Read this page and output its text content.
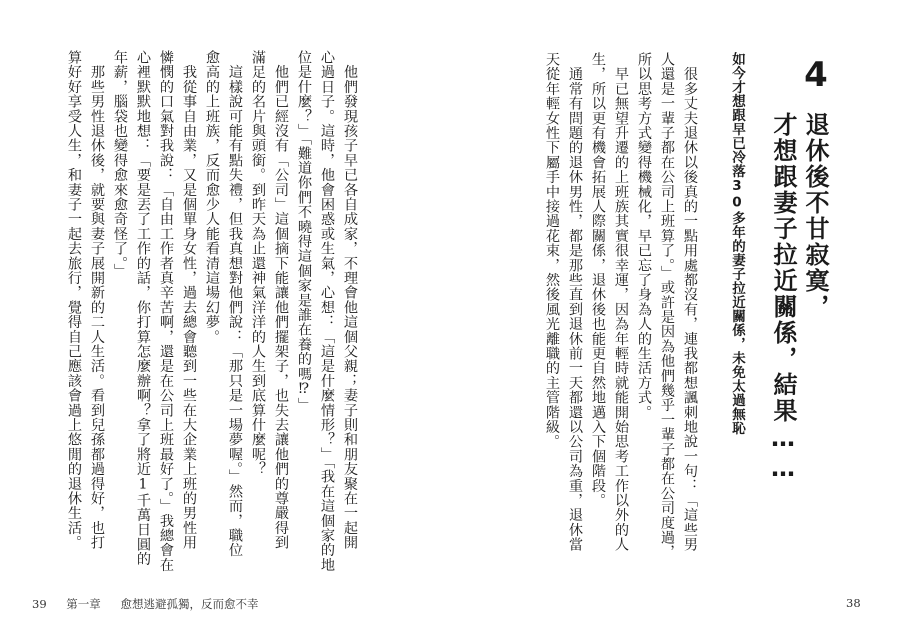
　他們發現孩子早已各自成家，不理會他這個父親；妻子則和朋友聚在一起開
心過日子。這時，他會困惑或生氣，心想：「這是什麼情形？」「我在這個家的地
位是什麼？」「難道你們不曉得這個家是誰在養的嗎⁉」
　他們已經沒有「公司」這個摘下能讓他們擺架子，也失去讓他們的尊嚴得到
滿足的名片與頭銜。到昨天為止還神氣洋洋的人生到底算什麼呢？
　這樣說可能有點失禮，但我真想對他們說：「那只是一場夢喔。」然而，職位
愈高的上班族，反而愈少人能看清這場幻夢。
　我從事自由業，又是個單身女性，過去總會聽到一些在大企業上班的男性用
憐憫的口氣對我說：「自由工作者真辛苦啊，還是在公司上班最好了。」我總會在
心裡默默地想：「要是丟了工作的話，你打算怎麼辦啊？拿了將近1千萬日圓的
年薪，腦袋也變得愈來愈奇怪了。」
　那些男性退休後，就要與妻子展開新的二人生活。看到兒孫都過得好，也打
算好好享受人生，和妻子一起去旅行，覺得自己應該會過上悠閒的退休生活。
39 第一章 愈想逃避孤獨，反而愈不幸
4
退休後不甘寂寞，
才想跟妻子拉近關係，結果……
如今才想跟早已冷落30多年的妻子拉近關係，未免太過無恥
　很多丈夫退休以後真的一點用處都沒有，連我都想諷刺地說一句：「這些男
人還是一輩子都在公司上班算了。」或許是因為他們幾乎一輩子都在公司度過，
所以思考方式變得機械化，早已忘了身為人的生活方式。
　早已無望升遷的上班族其實很幸運，因為年輕時就能開始思考工作以外的人
生，所以更有機會拓展人際關係，退休後也能更自然地邁入下個階段。
　通常有問題的退休男性，都是那些直到退休前一天都還以公司為重，退休當
天從年輕女性下屬手中接過花束，然後風光離職的主管階級。
38
